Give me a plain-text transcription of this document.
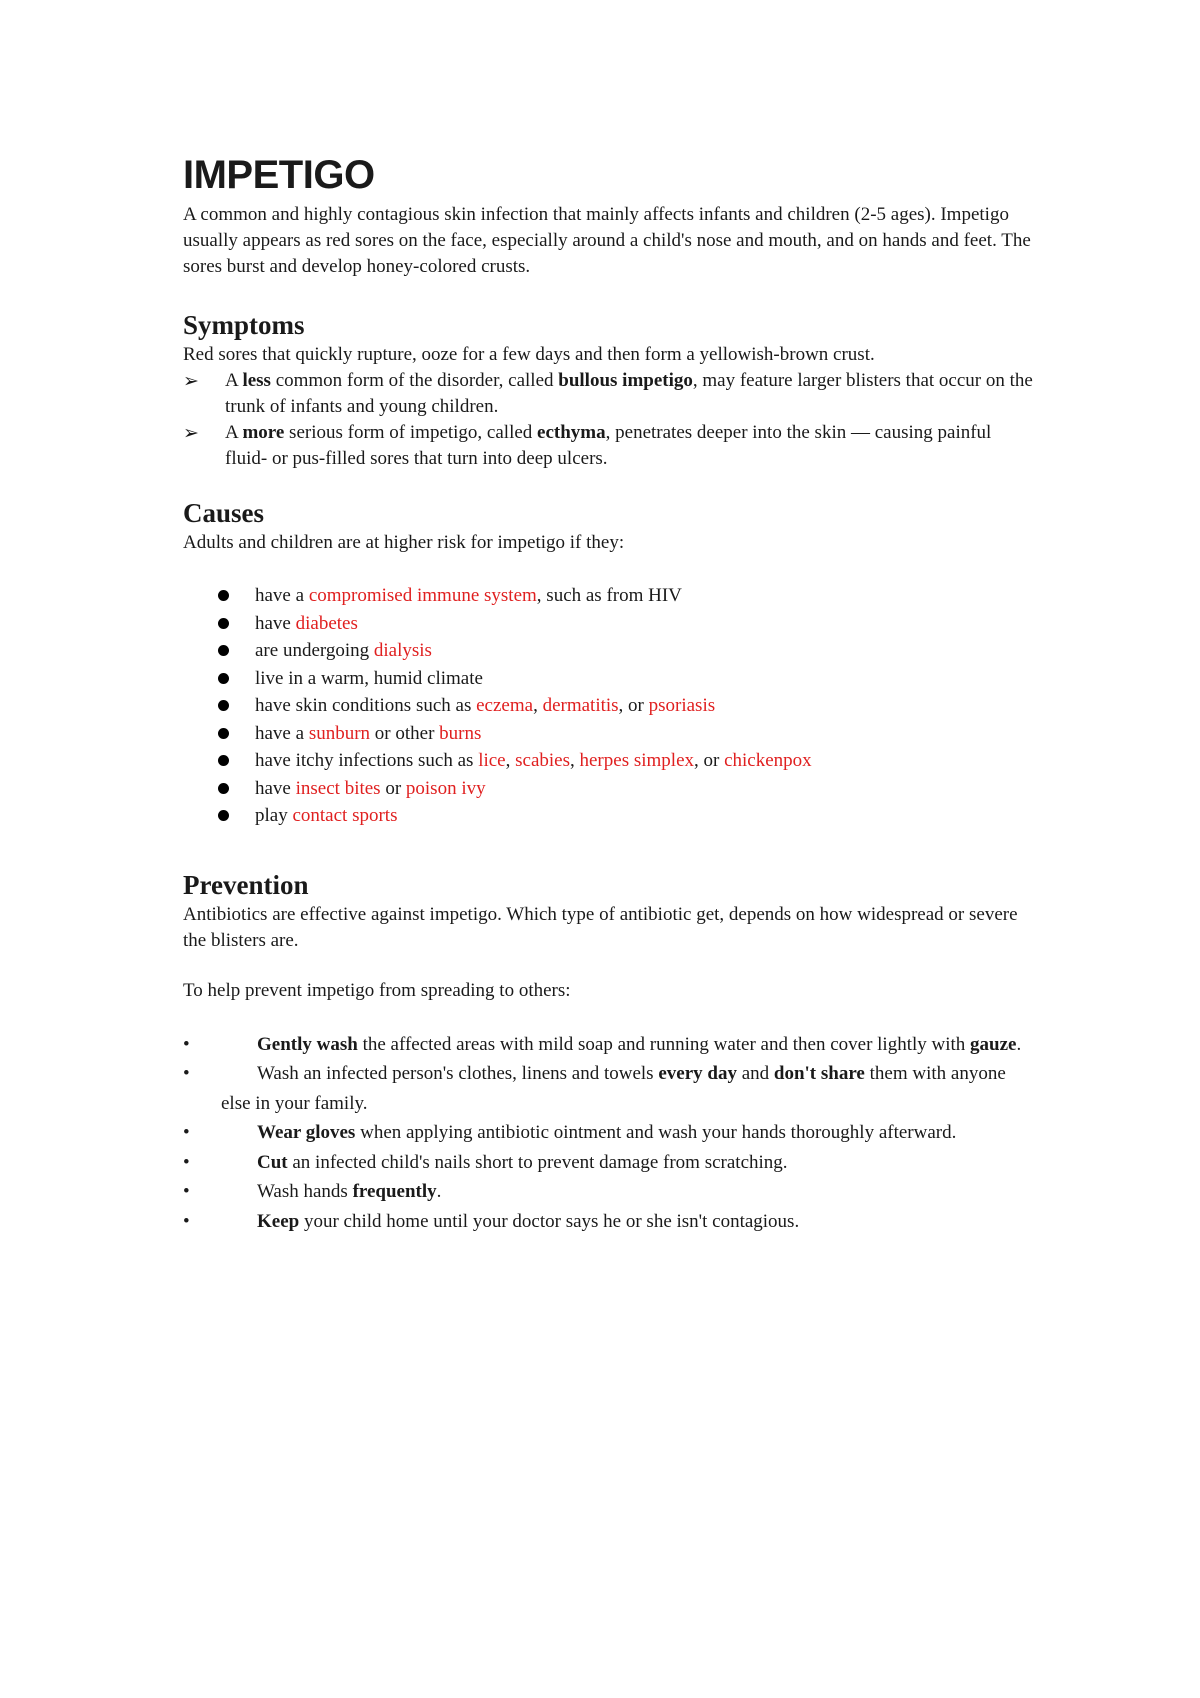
IMPETIGO

A common and highly contagious skin infection that mainly affects infants and children (2-5 ages). Impetigo usually appears as red sores on the face, especially around a child's nose and mouth, and on hands and feet. The sores burst and develop honey-colored crusts.

Symptoms

Red sores that quickly rupture, ooze for a few days and then form a yellowish-brown crust.

➢ A less common form of the disorder, called bullous impetigo, may feature larger blisters that occur on the trunk of infants and young children.
➢ A more serious form of impetigo, called ecthyma, penetrates deeper into the skin — causing painful fluid- or pus-filled sores that turn into deep ulcers.
Causes

Adults and children are at higher risk for impetigo if they:

have a compromised immune system, such as from HIV
have diabetes
are undergoing dialysis
live in a warm, humid climate
have skin conditions such as eczema, dermatitis, or psoriasis
have a sunburn or other burns
have itchy infections such as lice, scabies, herpes simplex, or chickenpox
have insect bites or poison ivy
play contact sports
Prevention

Antibiotics are effective against impetigo. Which type of antibiotic get, depends on how widespread or severe the blisters are.

To help prevent impetigo from spreading to others:

•	Gently wash the affected areas with mild soap and running water and then cover lightly with gauze.
•	Wash an infected person's clothes, linens and towels every day and don't share them with anyone else in your family.
•	Wear gloves when applying antibiotic ointment and wash your hands thoroughly afterward.
•	Cut an infected child's nails short to prevent damage from scratching.
•	Wash hands frequently.
•	Keep your child home until your doctor says he or she isn't contagious.
